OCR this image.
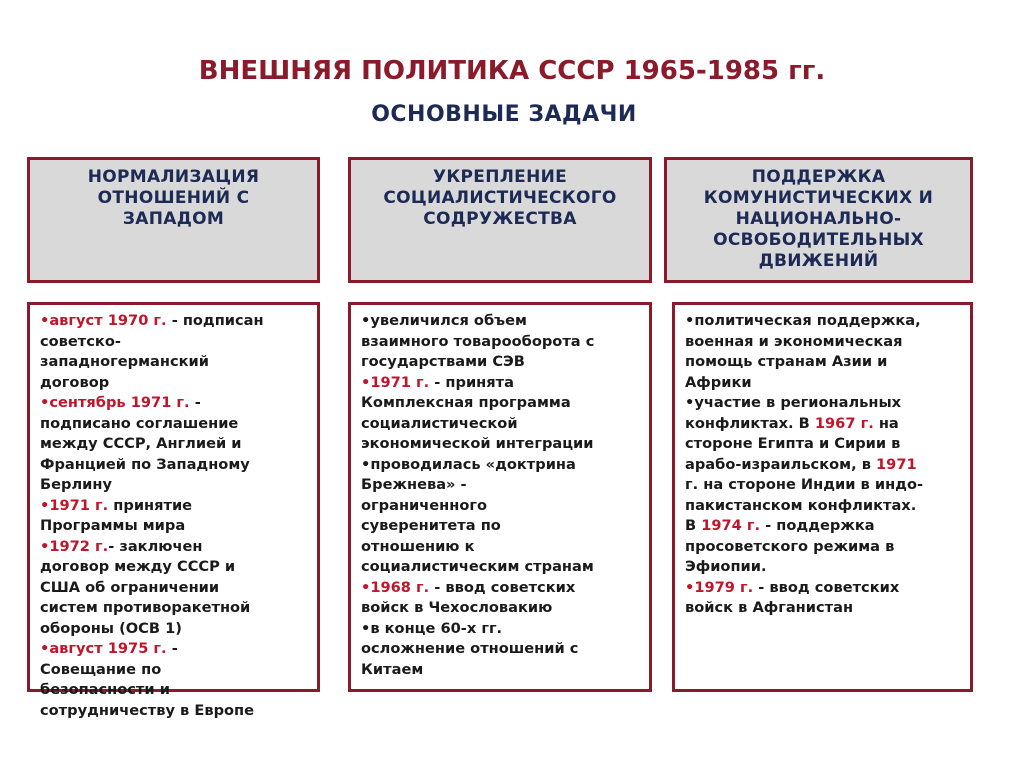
ВНЕШНЯЯ ПОЛИТИКА СССР 1965-1985 гг.
ОСНОВНЫЕ ЗАДАЧИ
НОРМАЛИЗАЦИЯ
ОТНОШЕНИЙ С
ЗАПАДОМ
УКРЕПЛЕНИЕ
СОЦИАЛИСТИЧЕСКОГО
СОДРУЖЕСТВА
ПОДДЕРЖКА
КОМУНИСТИЧЕСКИХ И
НАЦИОНАЛЬНО-
ОСВОБОДИТЕЛЬНЫХ
ДВИЖЕНИЙ
•август 1970 г. - подписан
советско-
западногерманский
договор
•сентябрь 1971 г. -
подписано соглашение
между СССР, Англией и
Францией по Западному
Берлину
•1971 г. принятие
Программы мира
•1972 г.- заключен
договор между СССР и
США об ограничении
систем противоракетной
обороны (ОСВ 1)
•август 1975 г. -
Совещание по
безопасности и
сотрудничеству в Европе
•увеличился объем
взаимного товарооборота с
государствами СЭВ
•1971 г. - принята
Комплексная программа
социалистической
экономической интеграции
•проводилась «доктрина
Брежнева» -
ограниченного
суверенитета по
отношению к
социалистическим странам
•1968 г. - ввод советских
войск в Чехословакию
•в конце 60-х гг.
осложнение отношений с
Китаем
•политическая поддержка,
военная и экономическая
помощь странам Азии и
Африки
•участие в региональных
конфликтах. В 1967 г. на
стороне Египта и Сирии в
арабо-израильском, в 1971
г. на стороне Индии в индо-
пакистанском конфликтах.
В 1974 г. - поддержка
просоветского режима в
Эфиопии.
•1979 г. - ввод советских
войск в Афганистан
